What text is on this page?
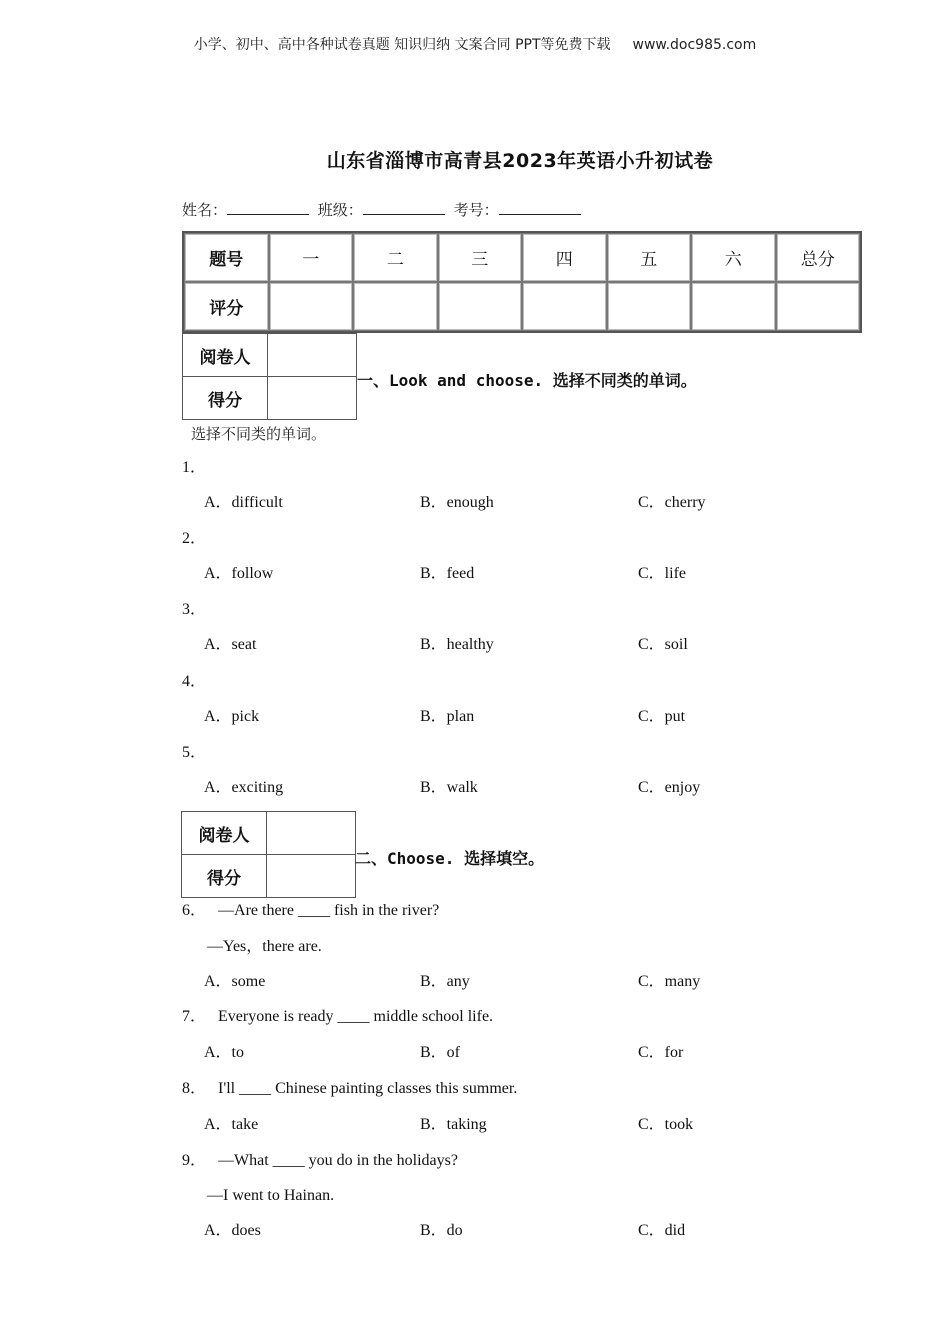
小学、初中、高中各种试卷真题 知识归纳 文案合同 PPT等免费下载 www.doc985.com
山东省淄博市高青县2023年英语小升初试卷
姓名：	班级：	考号：
题号	一	二	三	四	五	六	总分
评分							
阅卷人
得分
一、Look and choose. 选择不同类的单词。
选择不同类的单词。
1．
A．difficult	B．enough	C．cherry
2．
A．follow	B．feed	C．life
3．
A．seat	B．healthy	C．soil
4．
A．pick	B．plan	C．put
5．
A．exciting	B．walk	C．enjoy
阅卷人
得分
二、Choose. 选择填空。
6． —Are there ____ fish in the river?
—Yes，there are.
A．some	B．any	C．many
7． Everyone is ready ____ middle school life.
A．to	B．of	C．for
8． I'll ____ Chinese painting classes this summer.
A．take	B．taking	C．took
9． —What ____ you do in the holidays?
—I went to Hainan.
A．does	B．do	C．did
